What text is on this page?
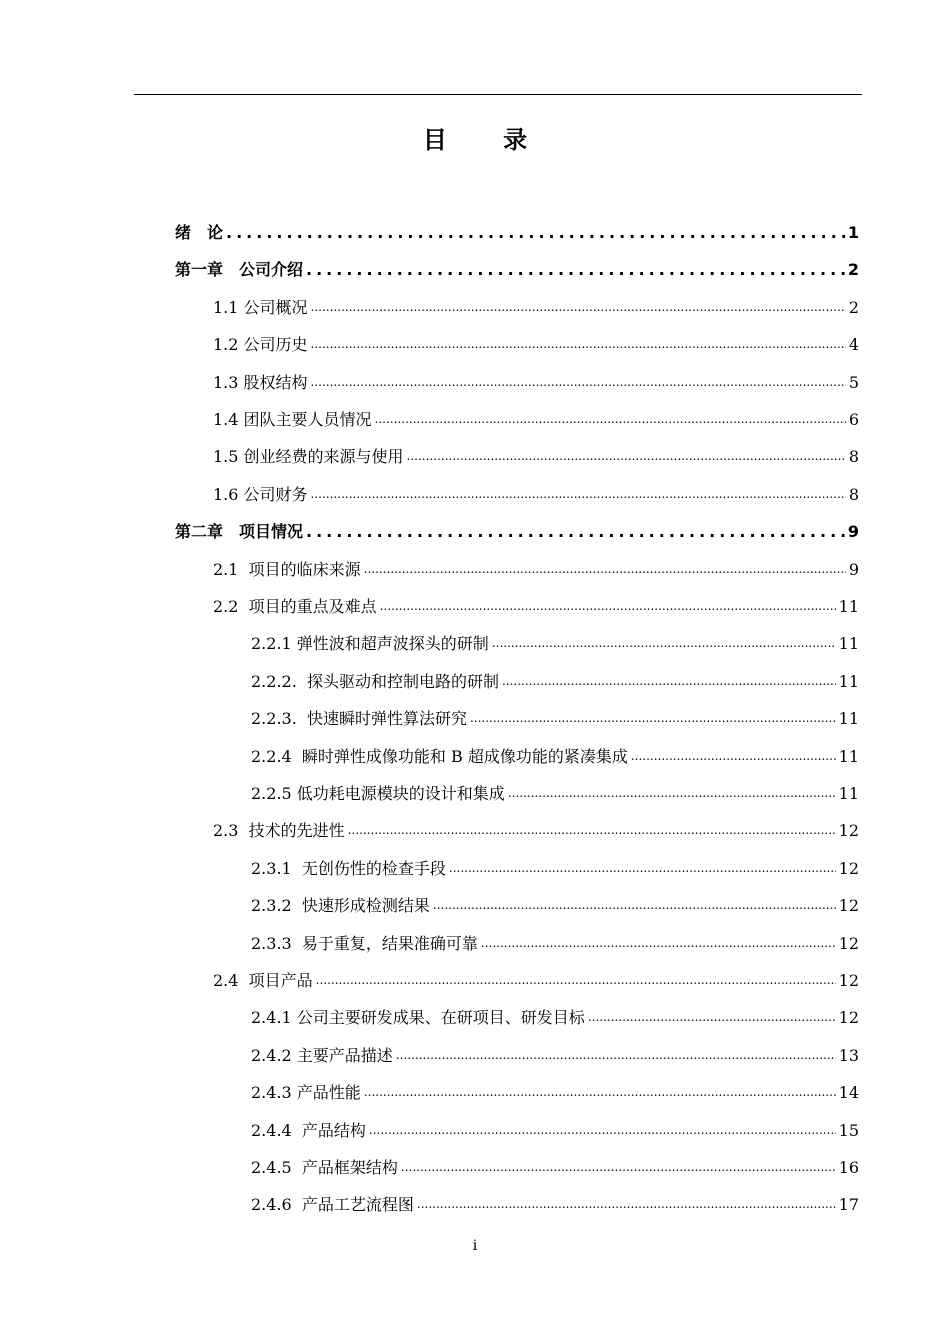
目 录
绪　论 .....	1
第一章　公司介绍 .....	2
1.1 公司概况 .....	2
1.2 公司历史 .....	4
1.3 股权结构 .....	5
1.4 团队主要人员情况 .....	6
1.5 创业经费的来源与使用 .....	8
1.6 公司财务 .....	8
第二章　项目情况 .....	9
2.1  项目的临床来源 .....	9
2.2  项目的重点及难点 .....	11
2.2.1 弹性波和超声波探头的研制 .....	11
2.2.2.  探头驱动和控制电路的研制 .....	11
2.2.3.  快速瞬时弹性算法研究 .....	11
2.2.4  瞬时弹性成像功能和 B 超成像功能的紧凑集成 .....	11
2.2.5 低功耗电源模块的设计和集成 .....	11
2.3  技术的先进性 .....	12
2.3.1  无创伤性的检查手段 .....	12
2.3.2  快速形成检测结果 .....	12
2.3.3  易于重复，结果准确可靠 .....	12
2.4  项目产品 .....	12
2.4.1 公司主要研发成果、在研项目、研发目标 .....	12
2.4.2 主要产品描述 .....	13
2.4.3 产品性能 .....	14
2.4.4  产品结构 .....	15
2.4.5  产品框架结构 .....	16
2.4.6  产品工艺流程图 .....	17
i
